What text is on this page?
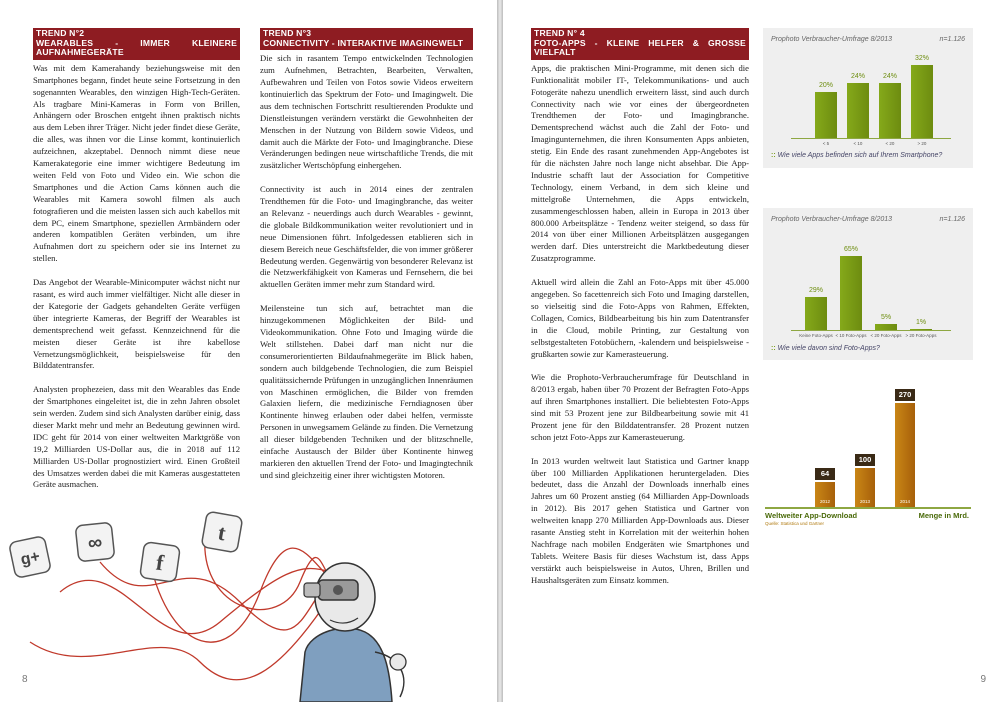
TREND N°2
WEARABLES - IMMER KLEINERE AUFNAHMEGERÄTE

Was mit dem Kamerahandy beziehungsweise mit den Smartphones begann, findet heute seine Fortsetzung in den sogenannten Wearables, den winzigen High-Tech-Geräten. Als tragbare Mini-Kameras in Form von Brillen, Anhängern oder Broschen entgeht ihnen praktisch nichts aus dem Leben ihrer Träger. Nicht jeder findet diese Geräte, die alles, was ihnen vor die Linse kommt, kontinuierlich aufzeichnen, akzeptabel. Dennoch nimmt diese neue Kamerakategorie eine immer wichtigere Bedeutung im weiten Feld von Foto und Video ein. Wie schon die Smartphones und die Action Cams können auch die Wearables mit Kamera sowohl filmen als auch fotografieren und die meisten lassen sich auch kabellos mit dem PC, einem Smartphone, speziellen Armbändern oder anderen kompatiblen Geräten verbinden, um ihre Aufnahmen dort zu speichern oder sie ins Internet zu stellen.

Das Angebot der Wearable-Minicomputer wächst nicht nur rasant, es wird auch immer vielfältiger. Nicht alle dieser in der Kategorie der Gadgets gehandelten Geräte verfügen über integrierte Kameras, der Begriff der Wearables ist dementsprechend weit gefasst. Kennzeichnend für die meisten dieser Geräte ist ihre kabellose Vernetzungsmöglichkeit, beispielsweise für den Bilddatentransfer.

Analysten prophezeien, dass mit den Wearables das Ende der Smartphones eingeleitet ist, die in zehn Jahren obsolet sein werden. Zudem sind sich Analysten darüber einig, dass dieser Markt mehr und mehr an Bedeutung gewinnen wird. IDC geht für 2014 von einer weltweiten Marktgröße von 19,2 Milliarden US-Dollar aus, die in 2018 auf 112 Milliarden US-Dollar prognostiziert wird. Einen Großteil des Umsatzes werden dabei die mit Kameras ausgestatteten Geräte ausmachen.

TREND N°3
CONNECTIVITY - INTERAKTIVE IMAGINGWELT

Die sich in rasantem Tempo entwickelnden Technologien zum Aufnehmen, Betrachten, Bearbeiten, Verwalten, Aufbewahren und Teilen von Fotos sowie Videos erweitern kontinuierlich das Spektrum der Foto- und Imagingwelt. Die aus dem technischen Fortschritt resultierenden Produkte und Dienstleistungen verändern verstärkt die Gewohnheiten der Menschen in der Nutzung von Bildern sowie Videos, und damit auch die Märkte der Foto- und Imagingbranche. Diese Veränderungen bedingen neue wirtschaftliche Trends, die mit zusätzlicher Wertschöpfung einhergehen.

Connectivity ist auch in 2014 eines der zentralen Trendthemen für die Foto- und Imagingbranche, das weiter an Relevanz - neuerdings auch durch Wearables - gewinnt, die globale Bildkommunikation weiter revolutioniert und in neue Dimensionen führt. Infolgedessen etablieren sich in diesem Bereich neue Geschäftsfelder, die von immer größerer Bedeutung werden. Gegenwärtig von besonderer Relevanz ist die Netzwerkfähigkeit von Kameras und Fernsehern, die bei aktuellen Geräten immer mehr zum Standard wird.

Meilensteine tun sich auf, betrachtet man die hinzugekommenen Möglichkeiten der Bild- und Videokommunikation. Ohne Foto und Imaging würde die Welt stillstehen. Dabei darf man nicht nur die consumerorientierten Bildaufnahmegeräte im Blick haben, sondern auch bildgebende Technologien, die zum Beispiel qualitätssichernde Prüfungen in unzugänglichen Innenräumen von Maschinen ermöglichen, die Bilder von fremden Galaxien liefern, die medizinische Ferndiagnosen über Kontinente hinweg erlauben oder dabei helfen, vermisste Personen in unwegsamem Gelände zu finden. Die Vernetzung all dieser bildgebenden Techniken und der blitzschnelle, einfache Austausch der Bilder über Kontinente hinweg markieren den aktuellen Trend der Foto- und Imagingtechnik und sind gleichzeitig einer ihrer wichtigsten Motoren.

g+
∞
f
t
8
TREND N° 4
FOTO-APPS - KLEINE HELFER & GROSSE VIELFALT

Apps, die praktischen Mini-Programme, mit denen sich die Funktionalität mobiler IT-, Telekommunikations- und auch Fotogeräte nahezu unendlich erweitern lässt, sind auch durch Connectivity nach wie vor eines der übergeordneten Trendthemen der Foto- und Imagingbranche. Dementsprechend wächst auch die Zahl der Foto- und Imagingunternehmen, die ihren Konsumenten Apps anbieten, stetig. Ein Ende des rasant zunehmenden App-Angebotes ist für die nächsten Jahre noch lange nicht absehbar. Die App-Industrie schafft laut der Association for Competitive Technology, einem Verband, in dem sich kleine und mittelgroße Unternehmen, die Apps entwickeln, zusammengeschlossen haben, allein in Europa in 2013 über 800.000 Arbeitsplätze - Tendenz weiter steigend, so dass für 2014 von über einer Millionen Arbeitsplätzen ausgegangen werden darf. Dies unterstreicht die Marktbedeutung dieser Zusatzprogramme.

Aktuell wird allein die Zahl an Foto-Apps mit über 45.000 angegeben. So facettenreich sich Foto und Imaging darstellen, so vielseitig sind die Foto-Apps von Rahmen, Effekten, Collagen, Comics, Bildbearbeitung bis hin zum Datentransfer in die Cloud, mobile Printing, zur Gestaltung von selbstgestalteten Fotobüchern, -kalendern und beispielsweise -grußkarten sowie zur Kamerasteuerung.

Wie die Prophoto-Verbraucherumfrage für Deutschland in 8/2013 ergab, haben über 70 Prozent der Befragten Foto-Apps auf ihren Smartphones installiert. Die beliebtesten Foto-Apps sind mit 53 Prozent jene zur Bildbearbeitung sowie mit 41 Prozent jene für den Bilddatentransfer. 28 Prozent nutzen schon jetzt Foto-Apps zur Kamerasteuerung.

In 2013 wurden weltweit laut Statistica und Gartner knapp über 100 Milliarden Applikationen heruntergeladen. Dies bedeutet, dass die Anzahl der Downloads innerhalb eines Jahres um 60 Prozent anstieg (64 Milliarden App-Downloads in 2012). Bis 2017 gehen Statistica und Gartner von weltweiten knapp 270 Milliarden App-Downloads aus. Dieser rasante Anstieg steht in Korrelation mit der weiterhin hohen Nachfrage nach mobilen Endgeräten wie Smartphones und Tablets. Weitere Basis für dieses Wachstum ist, dass Apps verstärkt auch beispielsweise in Autos, Uhren, Brillen und Haushaltsgeräten zum Einsatz kommen.

Prophoto Verbraucher-Umfrage 8/2013	n=1.126
20%
< 5
24%
< 10
24%
< 20
32%
> 20
:: Wie viele Apps befinden sich auf Ihrem Smartphone?
Prophoto Verbraucher-Umfrage 8/2013	n=1.126
29%
Keine Foto-Apps
65%
< 10 Foto-Apps
5%
< 20 Foto-Apps
1%
> 20 Foto-Apps
:: Wie viele davon sind Foto-Apps?
64
2012
100
2013
270
2014
Weltweiter App-Download	Menge in Mrd.
Quelle: Statistica und Gartner
9
